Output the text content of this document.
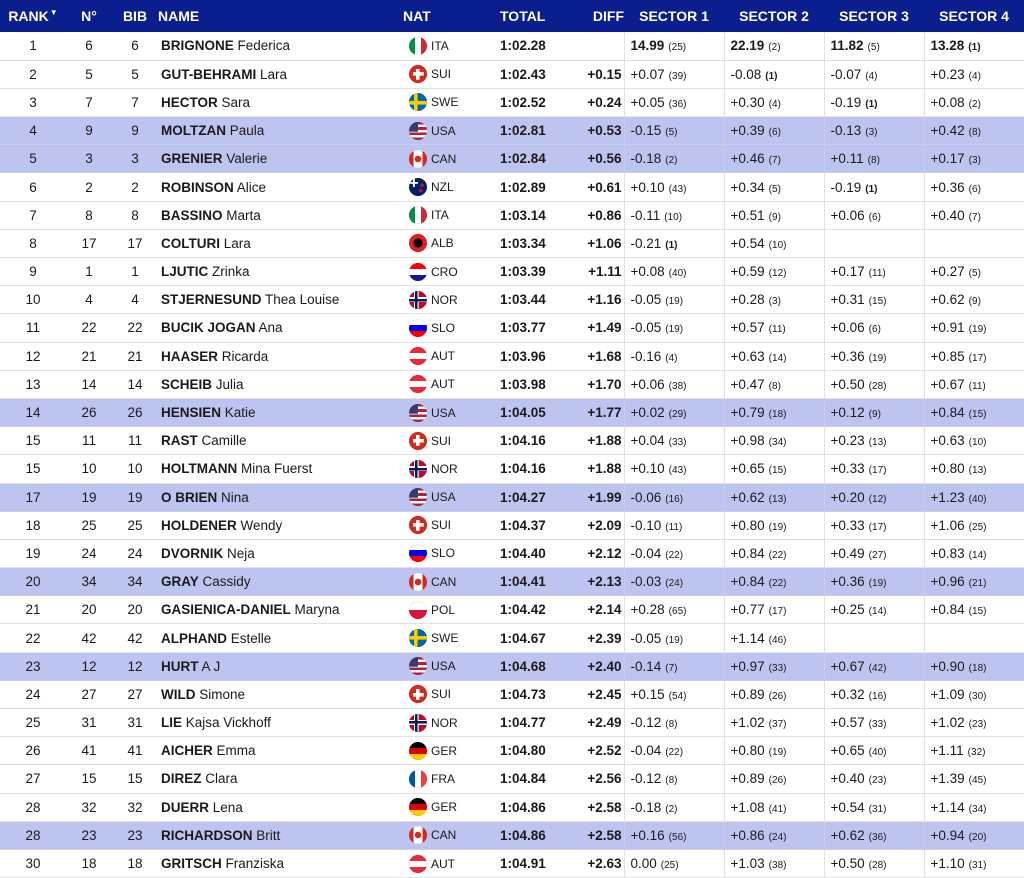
RANK▼	N°	BIB	NAME	NAT	TOTAL	DIFF	SECTOR 1	SECTOR 2	SECTOR 3	SECTOR 4
1	6	6	BRIGNONE Federica	ITA	1:02.28		14.99 (25)	22.19 (2)	11.82 (5)	13.28 (1)
2	5	5	GUT-BEHRAMI Lara	SUI	1:02.43	+0.15	+0.07 (39)	-0.08 (1)	-0.07 (4)	+0.23 (4)
3	7	7	HECTOR Sara	SWE	1:02.52	+0.24	+0.05 (36)	+0.30 (4)	-0.19 (1)	+0.08 (2)
4	9	9	MOLTZAN Paula	USA	1:02.81	+0.53	-0.15 (5)	+0.39 (6)	-0.13 (3)	+0.42 (8)
5	3	3	GRENIER Valerie	CAN	1:02.84	+0.56	-0.18 (2)	+0.46 (7)	+0.11 (8)	+0.17 (3)
6	2	2	ROBINSON Alice	NZL	1:02.89	+0.61	+0.10 (43)	+0.34 (5)	-0.19 (1)	+0.36 (6)
7	8	8	BASSINO Marta	ITA	1:03.14	+0.86	-0.11 (10)	+0.51 (9)	+0.06 (6)	+0.40 (7)
8	17	17	COLTURI Lara	ALB	1:03.34	+1.06	-0.21 (1)	+0.54 (10)		
9	1	1	LJUTIC Zrinka	CRO	1:03.39	+1.11	+0.08 (40)	+0.59 (12)	+0.17 (11)	+0.27 (5)
10	4	4	STJERNESUND Thea Louise	NOR	1:03.44	+1.16	-0.05 (19)	+0.28 (3)	+0.31 (15)	+0.62 (9)
11	22	22	BUCIK JOGAN Ana	SLO	1:03.77	+1.49	-0.05 (19)	+0.57 (11)	+0.06 (6)	+0.91 (19)
12	21	21	HAASER Ricarda	AUT	1:03.96	+1.68	-0.16 (4)	+0.63 (14)	+0.36 (19)	+0.85 (17)
13	14	14	SCHEIB Julia	AUT	1:03.98	+1.70	+0.06 (38)	+0.47 (8)	+0.50 (28)	+0.67 (11)
14	26	26	HENSIEN Katie	USA	1:04.05	+1.77	+0.02 (29)	+0.79 (18)	+0.12 (9)	+0.84 (15)
15	11	11	RAST Camille	SUI	1:04.16	+1.88	+0.04 (33)	+0.98 (34)	+0.23 (13)	+0.63 (10)
15	10	10	HOLTMANN Mina Fuerst	NOR	1:04.16	+1.88	+0.10 (43)	+0.65 (15)	+0.33 (17)	+0.80 (13)
17	19	19	O BRIEN Nina	USA	1:04.27	+1.99	-0.06 (16)	+0.62 (13)	+0.20 (12)	+1.23 (40)
18	25	25	HOLDENER Wendy	SUI	1:04.37	+2.09	-0.10 (11)	+0.80 (19)	+0.33 (17)	+1.06 (25)
19	24	24	DVORNIK Neja	SLO	1:04.40	+2.12	-0.04 (22)	+0.84 (22)	+0.49 (27)	+0.83 (14)
20	34	34	GRAY Cassidy	CAN	1:04.41	+2.13	-0.03 (24)	+0.84 (22)	+0.36 (19)	+0.96 (21)
21	20	20	GASIENICA-DANIEL Maryna	POL	1:04.42	+2.14	+0.28 (65)	+0.77 (17)	+0.25 (14)	+0.84 (15)
22	42	42	ALPHAND Estelle	SWE	1:04.67	+2.39	-0.05 (19)	+1.14 (46)		
23	12	12	HURT A J	USA	1:04.68	+2.40	-0.14 (7)	+0.97 (33)	+0.67 (42)	+0.90 (18)
24	27	27	WILD Simone	SUI	1:04.73	+2.45	+0.15 (54)	+0.89 (26)	+0.32 (16)	+1.09 (30)
25	31	31	LIE Kajsa Vickhoff	NOR	1:04.77	+2.49	-0.12 (8)	+1.02 (37)	+0.57 (33)	+1.02 (23)
26	41	41	AICHER Emma	GER	1:04.80	+2.52	-0.04 (22)	+0.80 (19)	+0.65 (40)	+1.11 (32)
27	15	15	DIREZ Clara	FRA	1:04.84	+2.56	-0.12 (8)	+0.89 (26)	+0.40 (23)	+1.39 (45)
28	32	32	DUERR Lena	GER	1:04.86	+2.58	-0.18 (2)	+1.08 (41)	+0.54 (31)	+1.14 (34)
28	23	23	RICHARDSON Britt	CAN	1:04.86	+2.58	+0.16 (56)	+0.86 (24)	+0.62 (36)	+0.94 (20)
30	18	18	GRITSCH Franziska	AUT	1:04.91	+2.63	0.00 (25)	+1.03 (38)	+0.50 (28)	+1.10 (31)
